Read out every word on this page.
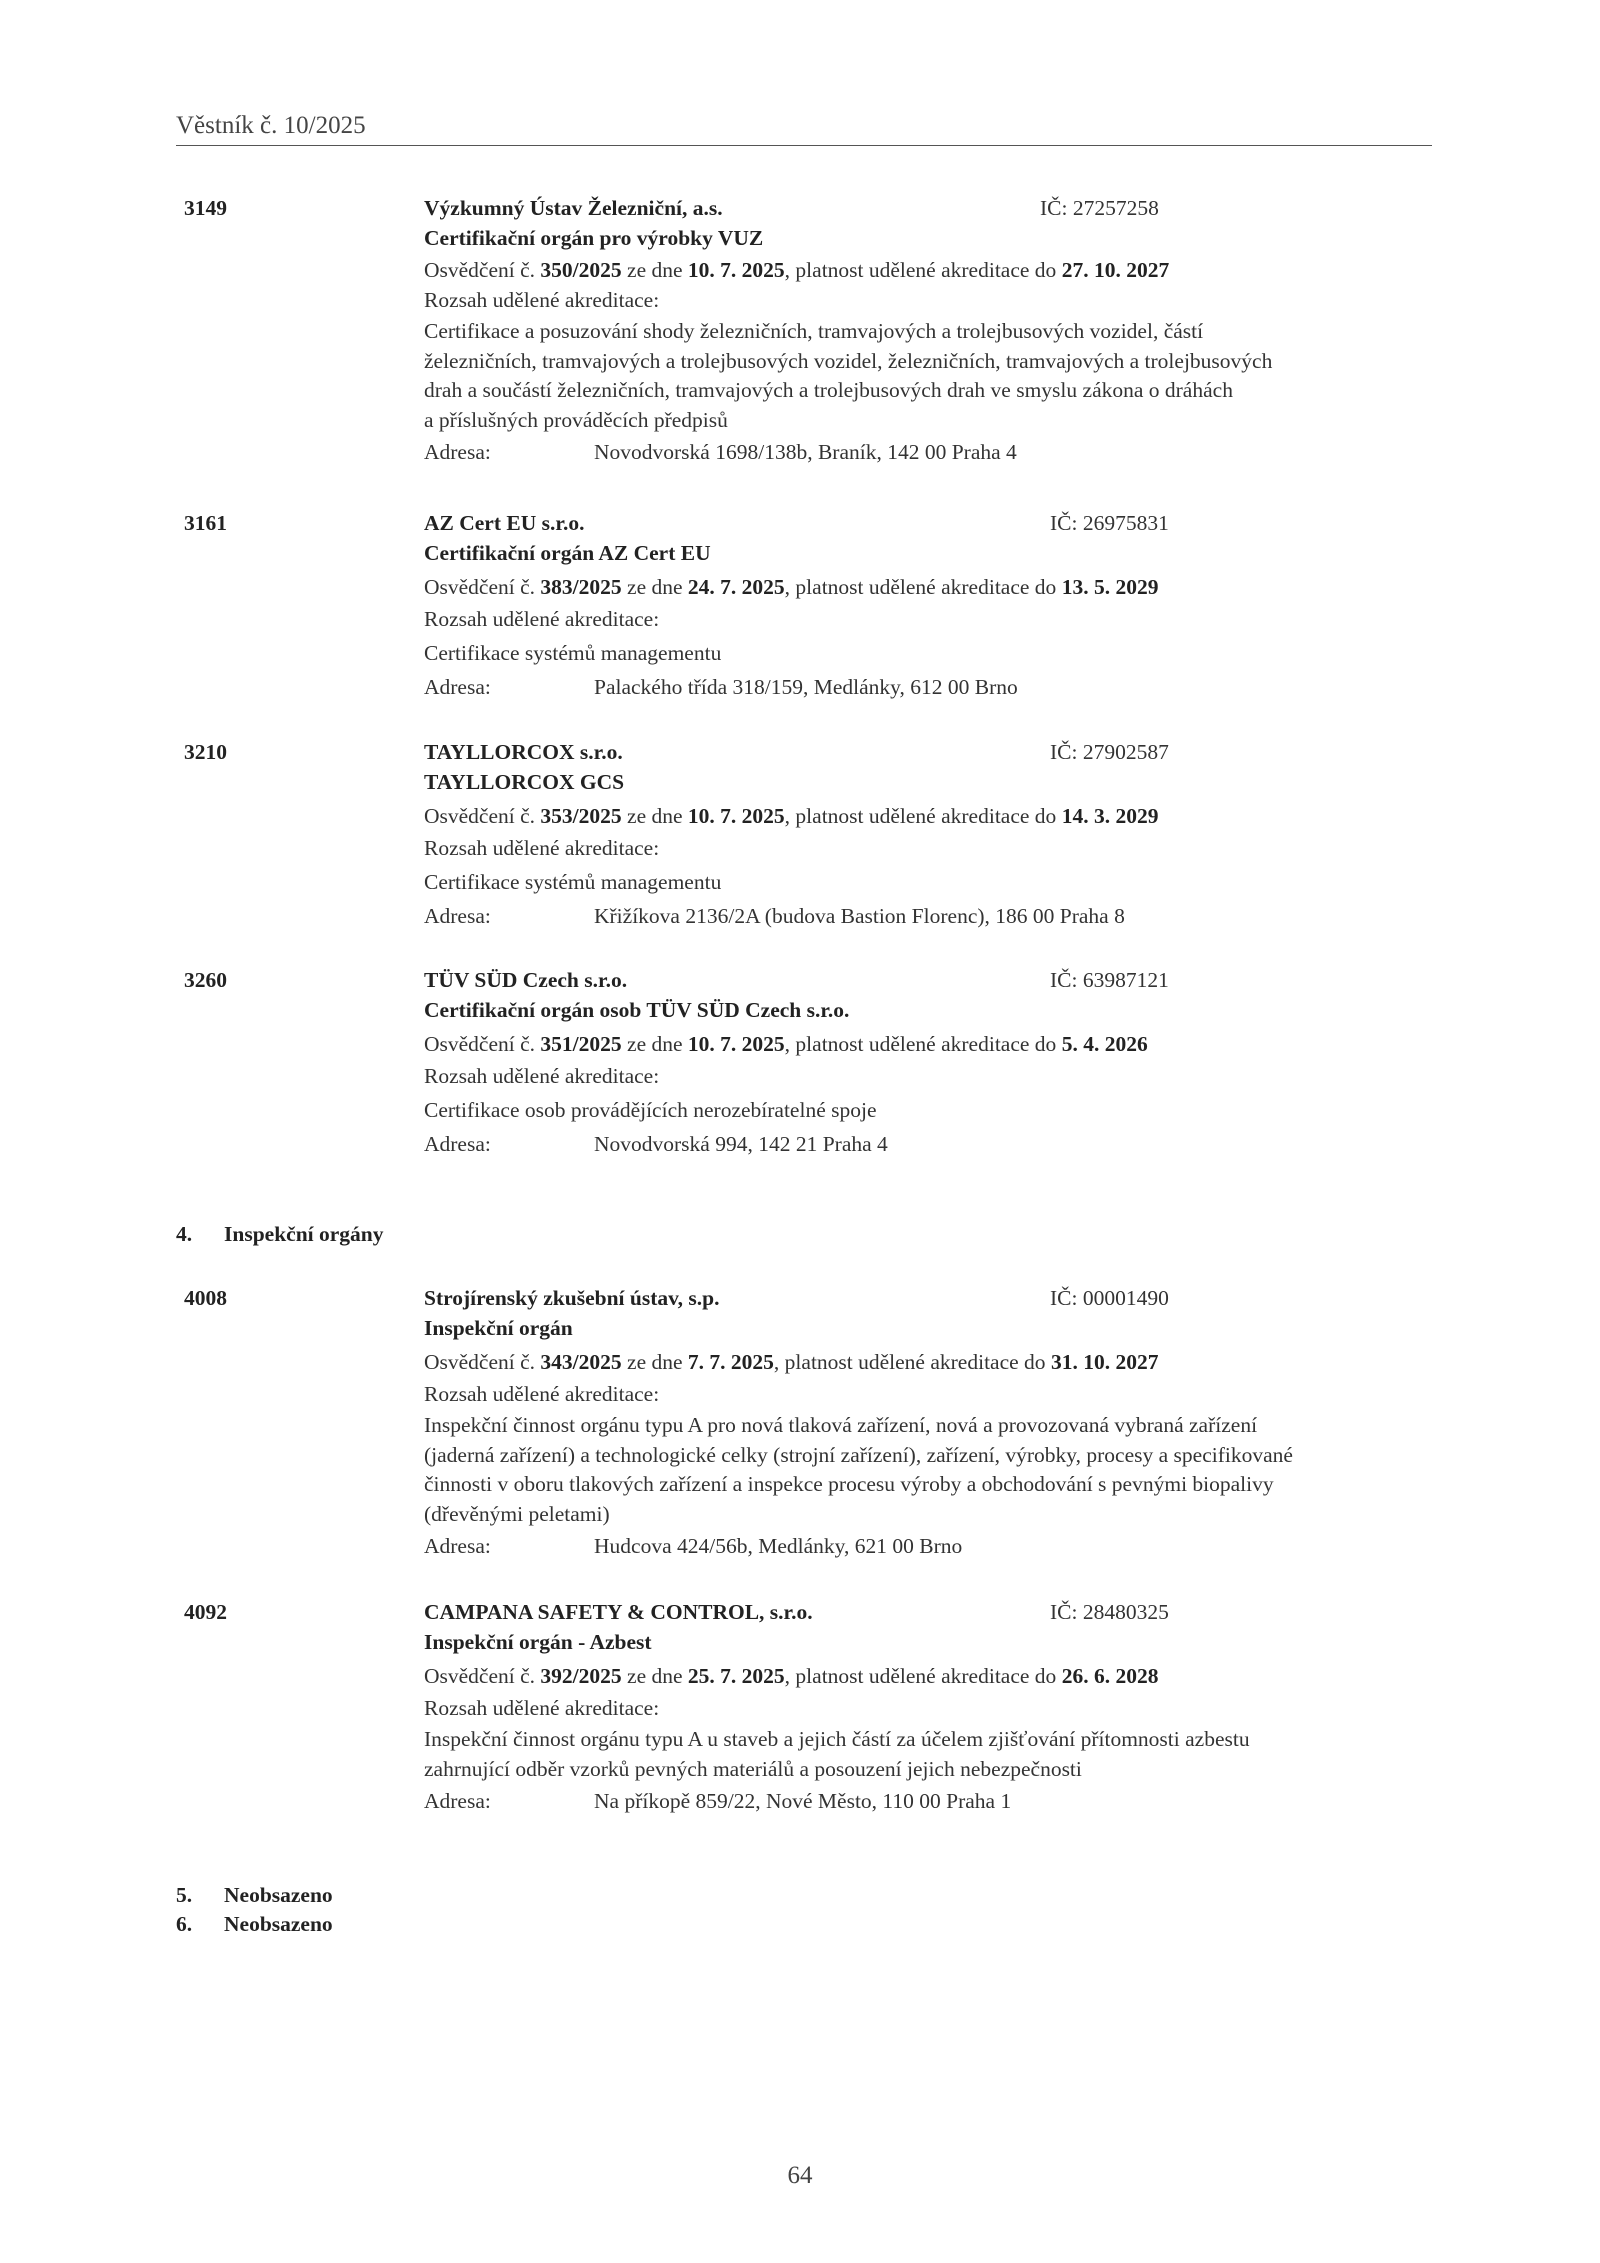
Věstník č. 10/2025
3149	Výzkumný Ústav Železniční, a.s.	IČ: 27257258
Certifikační orgán pro výrobky VUZ
Osvědčení č. 350/2025 ze dne 10. 7. 2025, platnost udělené akreditace do 27. 10. 2027
Rozsah udělené akreditace:
Certifikace a posuzování shody železničních, tramvajových a trolejbusových vozidel, částí
železničních, tramvajových a trolejbusových vozidel, železničních, tramvajových a trolejbusových
drah a součástí železničních, tramvajových a trolejbusových drah ve smyslu zákona o dráhách
a příslušných prováděcích předpisů
Adresa:	Novodvorská 1698/138b, Braník, 142 00 Praha 4
3161	AZ Cert EU s.r.o.	IČ: 26975831
Certifikační orgán AZ Cert EU
Osvědčení č. 383/2025 ze dne 24. 7. 2025, platnost udělené akreditace do 13. 5. 2029
Rozsah udělené akreditace:
Certifikace systémů managementu
Adresa:	Palackého třída 318/159, Medlánky, 612 00 Brno
3210	TAYLLORCOX s.r.o.	IČ: 27902587
TAYLLORCOX GCS
Osvědčení č. 353/2025 ze dne 10. 7. 2025, platnost udělené akreditace do 14. 3. 2029
Rozsah udělené akreditace:
Certifikace systémů managementu
Adresa:	Křižíkova 2136/2A (budova Bastion Florenc), 186 00 Praha 8
3260	TÜV SÜD Czech s.r.o.	IČ: 63987121
Certifikační orgán osob TÜV SÜD Czech s.r.o.
Osvědčení č. 351/2025 ze dne 10. 7. 2025, platnost udělené akreditace do 5. 4. 2026
Rozsah udělené akreditace:
Certifikace osob provádějících nerozebíratelné spoje
Adresa:	Novodvorská 994, 142 21 Praha 4
4. Inspekční orgány
4008	Strojírenský zkušební ústav, s.p.	IČ: 00001490
Inspekční orgán
Osvědčení č. 343/2025 ze dne 7. 7. 2025, platnost udělené akreditace do 31. 10. 2027
Rozsah udělené akreditace:
Inspekční činnost orgánu typu A pro nová tlaková zařízení, nová a provozovaná vybraná zařízení
(jaderná zařízení) a technologické celky (strojní zařízení), zařízení, výrobky, procesy a specifikované
činnosti v oboru tlakových zařízení a inspekce procesu výroby a obchodování s pevnými biopalivy
(dřevěnými peletami)
Adresa:	Hudcova 424/56b, Medlánky, 621 00 Brno
4092	CAMPANA SAFETY & CONTROL, s.r.o.	IČ: 28480325
Inspekční orgán - Azbest
Osvědčení č. 392/2025 ze dne 25. 7. 2025, platnost udělené akreditace do 26. 6. 2028
Rozsah udělené akreditace:
Inspekční činnost orgánu typu A u staveb a jejich částí za účelem zjišťování přítomnosti azbestu
zahrnující odběr vzorků pevných materiálů a posouzení jejich nebezpečnosti
Adresa:	Na příkopě 859/22, Nové Město, 110 00 Praha 1
5. Neobsazeno
6. Neobsazeno
64
